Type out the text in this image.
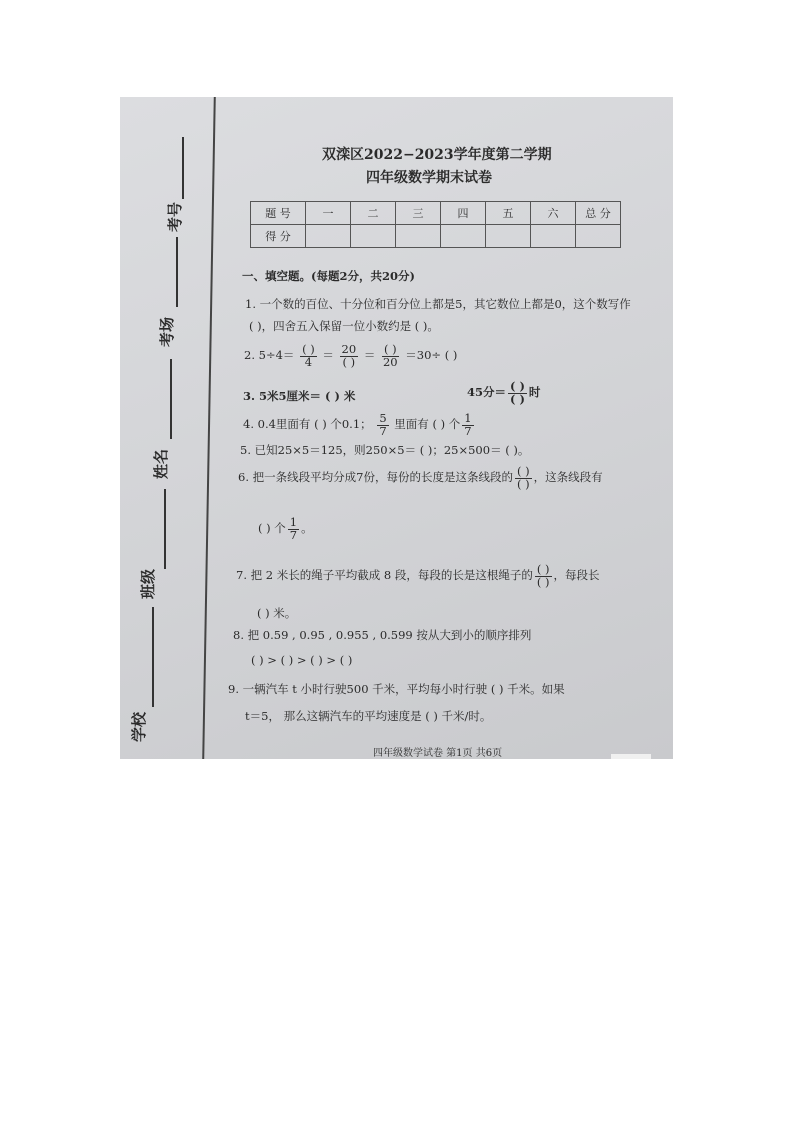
考号
考场
姓名
班级
学校
双滦区2022−2023学年度第二学期
四年级数学期末试卷
题 号	一	二	三	四	五	六	总 分
得 分							
一、填空题。(每题2分，共20分)
1. 一个数的百位、十分位和百分位上都是5，其它数位上都是0，这个数写作
( )，四舍五入保留一位小数约是 ( )。
2. $5\div 4= \frac{( )}{4} = \frac{20}{( )} = \frac{( )}{20} =30\div$ ( )
3. 5米5厘米＝ ( ) 米	45分＝ $\frac{( )}{( )}$ 时
4. 0.4里面有 ( ) 个0.1； $\frac{5}{7}$ 里面有 ( ) 个 $\frac{1}{7}$
5. 已知25×5＝125，则250×5＝ ( )；25×500＝ ( )。
6. 把一条线段平均分成7份，每份的长度是这条线段的 $\frac{( )}{( )}$ ，这条线段有
( ) 个 $\frac{1}{7}$ 。
7. 把 2 米长的绳子平均截成 8 段，每段的长是这根绳子的 $\frac{( )}{( )}$ ，每段长
( ) 米。
8. 把 0.59 , 0.95 , 0.955 , 0.599 按从大到小的顺序排列
( ) > ( ) > ( ) > ( )
9. 一辆汽车 t 小时行驶500 千米，平均每小时行驶 ( ) 千米。如果
t＝5， 那么这辆汽车的平均速度是 ( ) 千米/时。
四年级数学试卷 第1页 共6页
